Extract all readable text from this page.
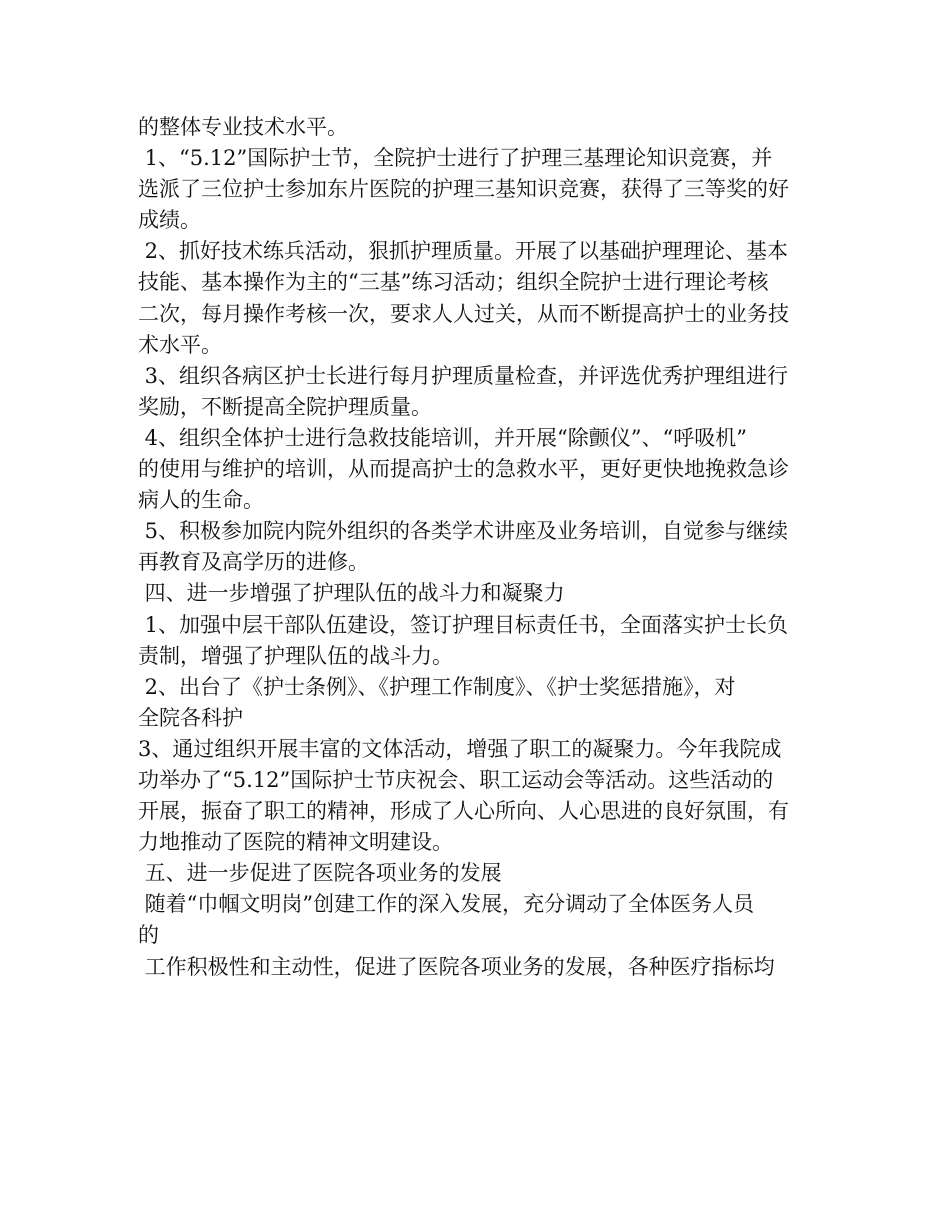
的整体专业技术水平。

1、“5.12”国际护士节，全院护士进行了护理三基理论知识竞赛，并

选派了三位护士参加东片医院的护理三基知识竞赛，获得了三等奖的好

成绩。

2、抓好技术练兵活动，狠抓护理质量。开展了以基础护理理论、基本

技能、基本操作为主的“三基”练习活动；组织全院护士进行理论考核

二次，每月操作考核一次，要求人人过关，从而不断提高护士的业务技

术水平。

3、组织各病区护士长进行每月护理质量检查，并评选优秀护理组进行

奖励，不断提高全院护理质量。

4、组织全体护士进行急救技能培训，并开展“除颤仪”、“呼吸机”

的使用与维护的培训，从而提高护士的急救水平，更好更快地挽救急诊

病人的生命。

5、积极参加院内院外组织的各类学术讲座及业务培训，自觉参与继续

再教育及高学历的进修。

四、进一步增强了护理队伍的战斗力和凝聚力

1、加强中层干部队伍建设，签订护理目标责任书，全面落实护士长负

责制，增强了护理队伍的战斗力。

2、出台了《护士条例》、《护理工作制度》、《护士奖惩措施》，对

全院各科护

3、通过组织开展丰富的文体活动，增强了职工的凝聚力。今年我院成

功举办了“5.12”国际护士节庆祝会、职工运动会等活动。这些活动的

开展，振奋了职工的精神，形成了人心所向、人心思进的良好氛围，有

力地推动了医院的精神文明建设。

五、进一步促进了医院各项业务的发展

随着“巾帼文明岗”创建工作的深入发展，充分调动了全体医务人员

的

工作积极性和主动性，促进了医院各项业务的发展，各种医疗指标均
